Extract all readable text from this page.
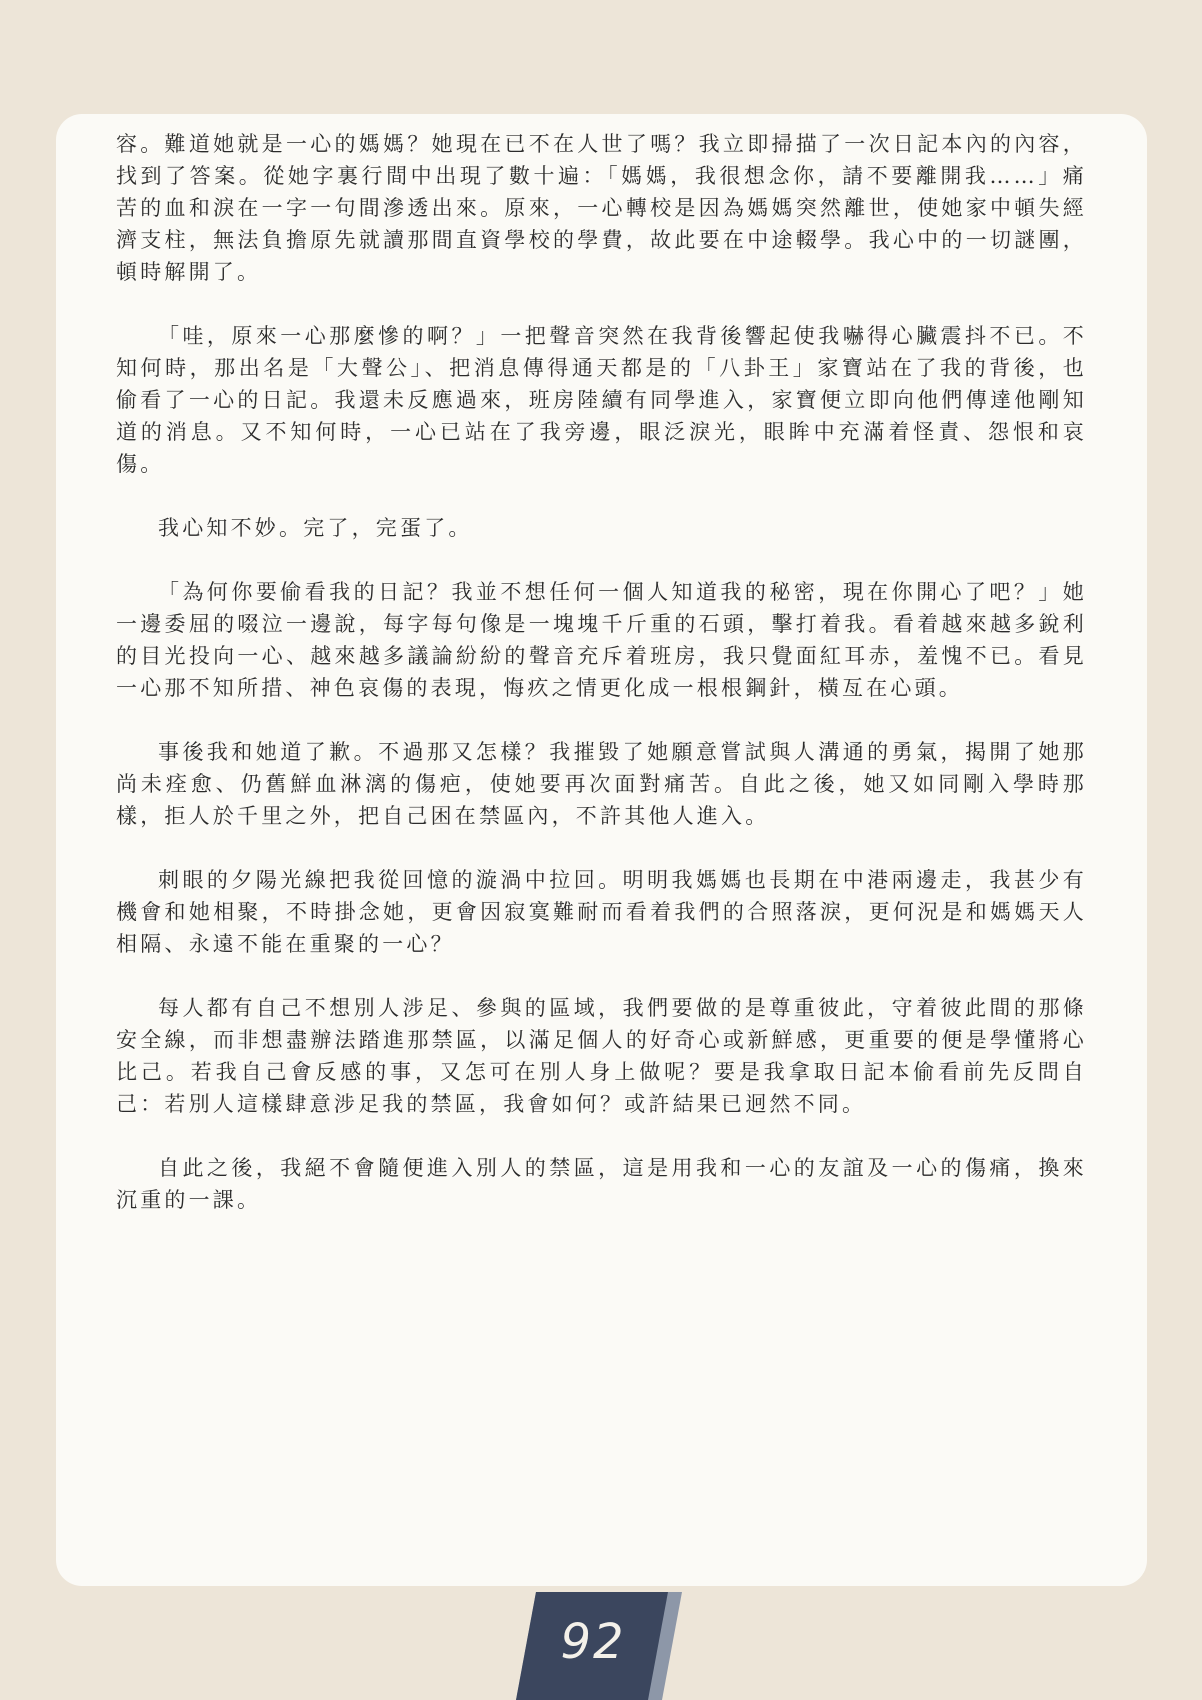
容。難道她就是一心的媽媽？她現在已不在人世了嗎？我立即掃描了一次日記本內的內容，找到了答案。從她字裏行間中出現了數十遍：「媽媽，我很想念你，請不要離開我……」痛苦的血和淚在一字一句間滲透出來。原來，一心轉校是因為媽媽突然離世，使她家中頓失經濟支柱，無法負擔原先就讀那間直資學校的學費，故此要在中途輟學。我心中的一切謎團，頓時解開了。

「哇，原來一心那麼慘的啊？」一把聲音突然在我背後響起使我嚇得心臟震抖不已。不知何時，那出名是「大聲公」、把消息傳得通天都是的「八卦王」家寶站在了我的背後，也偷看了一心的日記。我還未反應過來，班房陸續有同學進入，家寶便立即向他們傳達他剛知道的消息。又不知何時，一心已站在了我旁邊，眼泛淚光，眼眸中充滿着怪責、怨恨和哀傷。

我心知不妙。完了，完蛋了。

「為何你要偷看我的日記？我並不想任何一個人知道我的秘密，現在你開心了吧？」她一邊委屈的啜泣一邊說，每字每句像是一塊塊千斤重的石頭，擊打着我。看着越來越多銳利的目光投向一心、越來越多議論紛紛的聲音充斥着班房，我只覺面紅耳赤，羞愧不已。看見一心那不知所措、神色哀傷的表現，悔疚之情更化成一根根鋼針，橫亙在心頭。

事後我和她道了歉。不過那又怎樣？我摧毀了她願意嘗試與人溝通的勇氣，揭開了她那尚未痊愈、仍舊鮮血淋漓的傷疤，使她要再次面對痛苦。自此之後，她又如同剛入學時那樣，拒人於千里之外，把自己困在禁區內，不許其他人進入。

刺眼的夕陽光線把我從回憶的漩渦中拉回。明明我媽媽也長期在中港兩邊走，我甚少有機會和她相聚，不時掛念她，更會因寂寞難耐而看着我們的合照落淚，更何況是和媽媽天人相隔、永遠不能在重聚的一心？

每人都有自己不想別人涉足、參與的區域，我們要做的是尊重彼此，守着彼此間的那條安全線，而非想盡辦法踏進那禁區，以滿足個人的好奇心或新鮮感，更重要的便是學懂將心比己。若我自己會反感的事，又怎可在別人身上做呢？要是我拿取日記本偷看前先反問自己：若別人這樣肆意涉足我的禁區，我會如何？或許結果已迥然不同。

自此之後，我絕不會隨便進入別人的禁區，這是用我和一心的友誼及一心的傷痛，換來沉重的一課。

92
